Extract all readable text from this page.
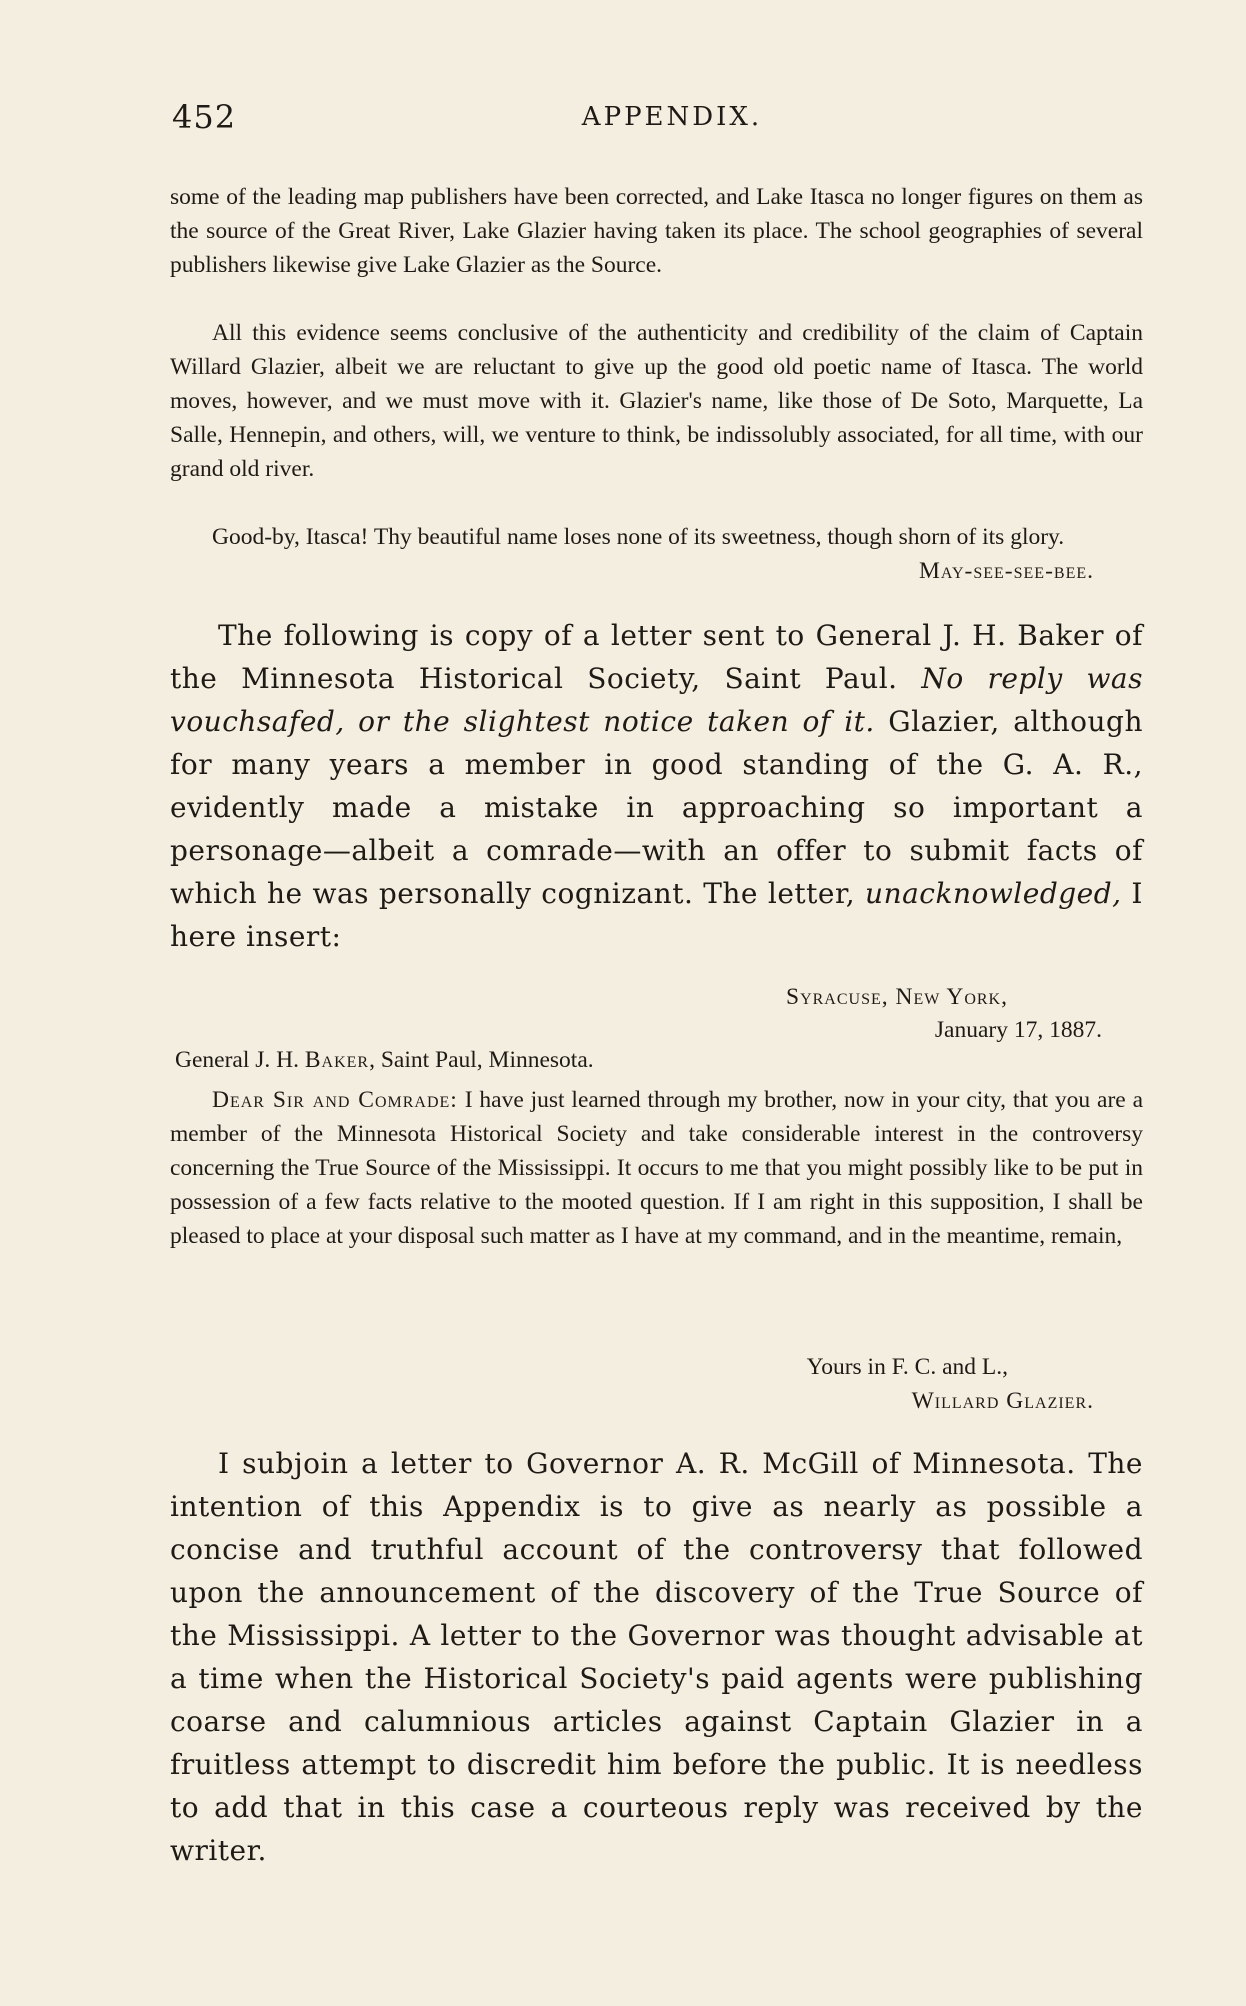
452	APPENDIX.

some of the leading map publishers have been corrected, and Lake Itasca no longer figures on them as the source of the Great River, Lake Glazier having taken its place. The school geographies of several publishers likewise give Lake Glazier as the Source.

All this evidence seems conclusive of the authenticity and credibility of the claim of Captain Willard Glazier, albeit we are reluctant to give up the good old poetic name of Itasca. The world moves, however, and we must move with it. Glazier's name, like those of De Soto, Marquette, La Salle, Hennepin, and others, will, we venture to think, be indissolubly associated, for all time, with our grand old river.

Good-by, Itasca! Thy beautiful name loses none of its sweetness, though shorn of its glory.

May-see-see-bee.

The following is copy of a letter sent to General J. H. Baker of the Minnesota Historical Society, Saint Paul. No reply was vouchsafed, or the slightest notice taken of it. Glazier, although for many years a member in good standing of the G. A. R., evidently made a mistake in approaching so important a personage—albeit a comrade—with an offer to submit facts of which he was personally cognizant. The letter, unacknowledged, I here insert:

Syracuse, New York,
January 17, 1887.

General J. H. Baker, Saint Paul, Minnesota.

Dear Sir and Comrade: I have just learned through my brother, now in your city, that you are a member of the Minnesota Historical Society and take considerable interest in the controversy concerning the True Source of the Mississippi. It occurs to me that you might possibly like to be put in possession of a few facts relative to the mooted question. If I am right in this supposition, I shall be pleased to place at your disposal such matter as I have at my command, and in the meantime, remain,

Yours in F. C. and L.,
Willard Glazier.

I subjoin a letter to Governor A. R. McGill of Minnesota. The intention of this Appendix is to give as nearly as possible a concise and truthful account of the controversy that followed upon the announcement of the discovery of the True Source of the Mississippi. A letter to the Governor was thought advisable at a time when the Historical Society's paid agents were publishing coarse and calumnious articles against Captain Glazier in a fruitless attempt to discredit him before the public. It is needless to add that in this case a courteous reply was received by the writer.
